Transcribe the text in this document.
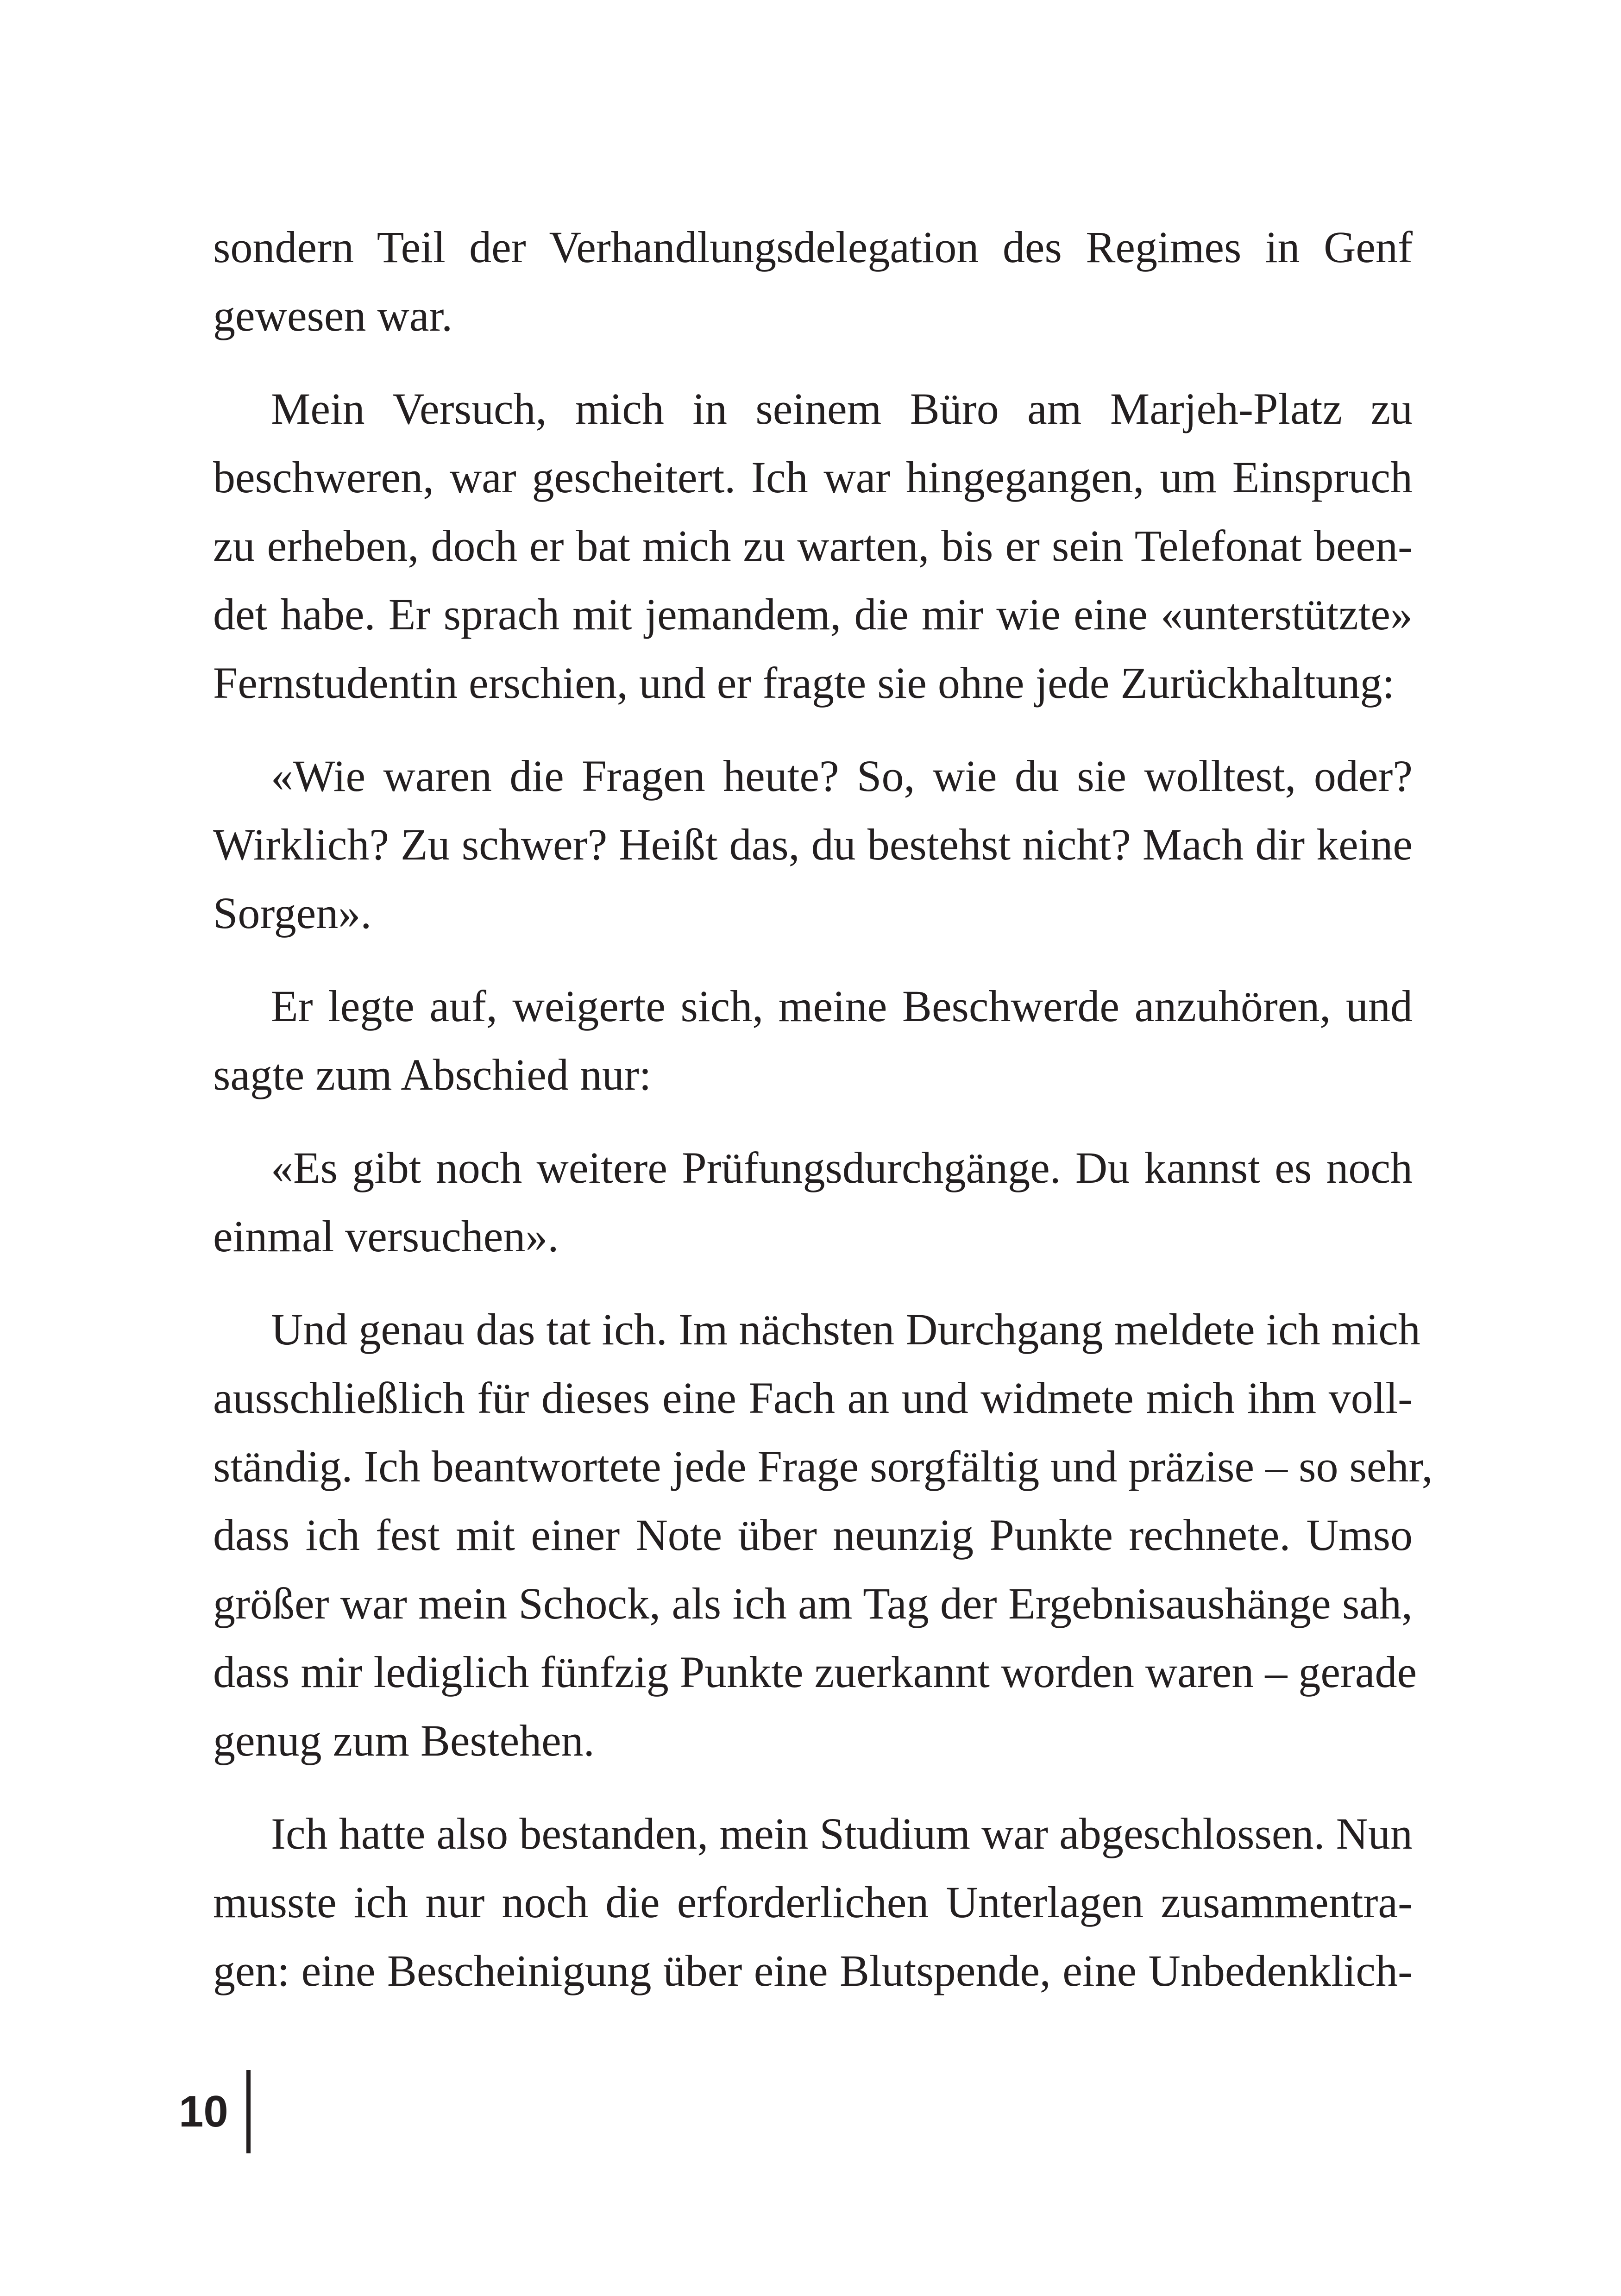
sondern Teil der Verhandlungsdelegation des Regimes in Genf
gewesen war.

Mein Versuch, mich in seinem Büro am Marjeh-Platz zu
beschweren, war gescheitert. Ich war hingegangen, um Einspruch
zu erheben, doch er bat mich zu warten, bis er sein Telefonat been-
det habe. Er sprach mit jemandem, die mir wie eine «unterstützte»
Fernstudentin erschien, und er fragte sie ohne jede Zurückhaltung:

«Wie waren die Fragen heute? So, wie du sie wolltest, oder?
Wirklich? Zu schwer? Heißt das, du bestehst nicht? Mach dir keine
Sorgen».

Er legte auf, weigerte sich, meine Beschwerde anzuhören, und
sagte zum Abschied nur:

«Es gibt noch weitere Prüfungsdurchgänge. Du kannst es noch
einmal versuchen».

Und genau das tat ich. Im nächsten Durchgang meldete ich mich
ausschließlich für dieses eine Fach an und widmete mich ihm voll-
ständig. Ich beantwortete jede Frage sorgfältig und präzise – so sehr,
dass ich fest mit einer Note über neunzig Punkte rechnete. Umso
größer war mein Schock, als ich am Tag der Ergebnisaushänge sah,
dass mir lediglich fünfzig Punkte zuerkannt worden waren – gerade
genug zum Bestehen.

Ich hatte also bestanden, mein Studium war abgeschlossen. Nun
musste ich nur noch die erforderlichen Unterlagen zusammentra-
gen: eine Bescheinigung über eine Blutspende, eine Unbedenklich-

10
